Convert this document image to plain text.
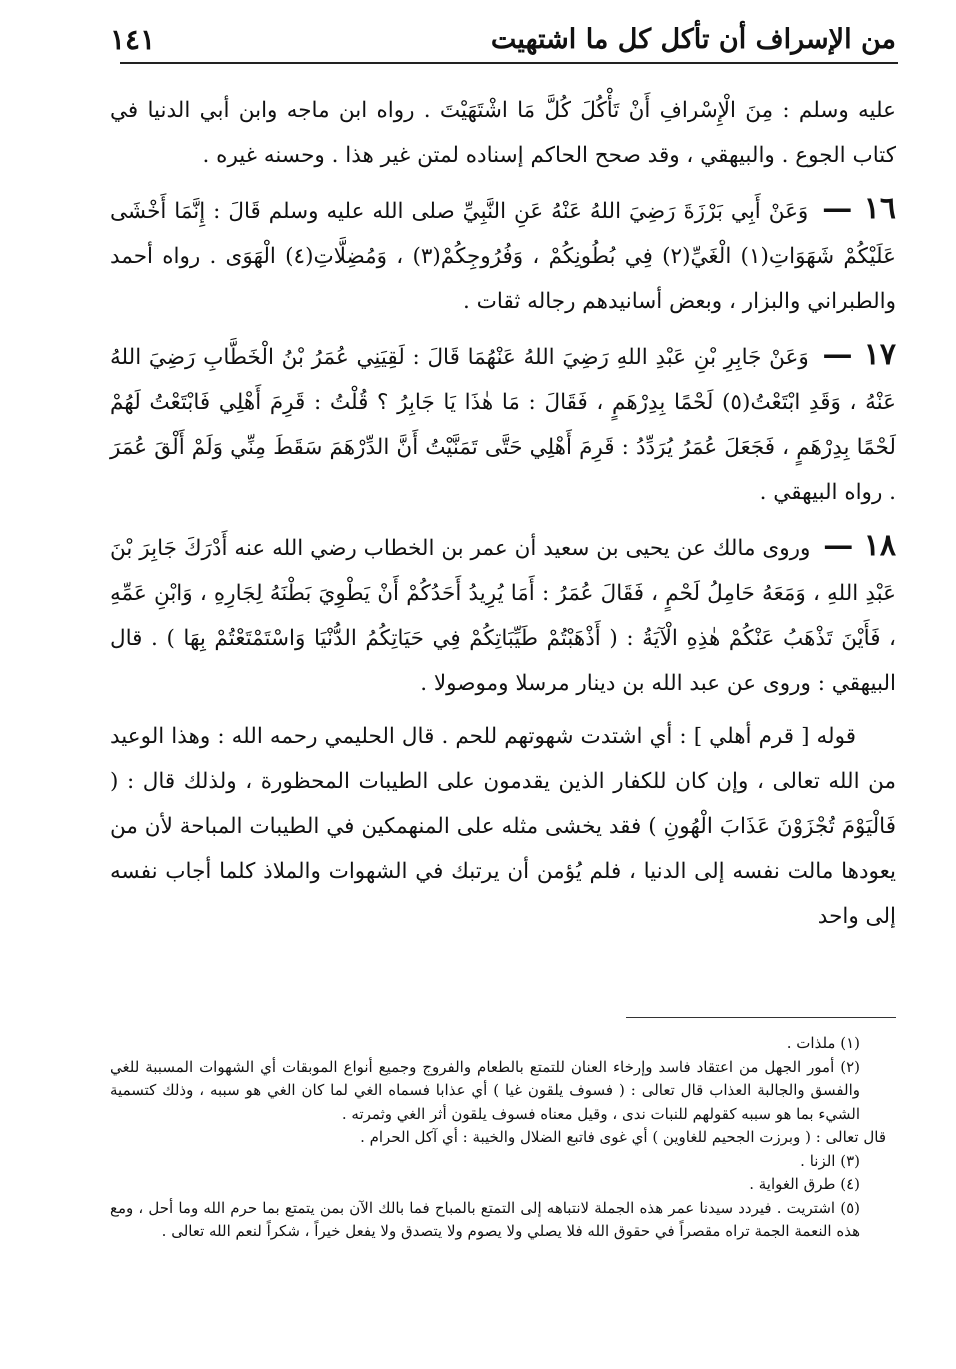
من الإسراف أن تأكل كل ما اشتهيت
١٤١

عليه وسلم : مِنَ الْإِسْرافِ أَنْ تَأْكُلَ كُلَّ مَا اشْتَهَيْتَ . رواه ابن ماجه وابن أبي الدنيا في كتاب الجوع . والبيهقي ، وقد صحح الحاكم إسناده لمتن غير هذا . وحسنه غيره .

١٦ — وَعَنْ أَبِي بَرْزَةَ رَضِيَ اللهُ عَنْهُ عَنِ النَّبِيِّ صلى الله عليه وسلم قَالَ : إِنَّمَا أَخْشَى عَلَيْكُمْ شَهَوَاتِ(١) الْغَيِّ(٢) فِي بُطُونِكُمْ ، وَفُرُوجِكُمْ(٣) ، وَمُضِلَّاتِ(٤) الْهَوَى . رواه أحمد والطبراني والبزار ، وبعض أسانيدهم رجاله ثقات .

١٧ — وَعَنْ جَابِرِ بْنِ عَبْدِ اللهِ رَضِيَ اللهُ عَنْهُمَا قَالَ : لَقِيَنِي عُمَرُ بْنُ الْخَطَّابِ رَضِيَ اللهُ عَنْهُ ، وَقَدِ ابْتَعْتُ(٥) لَحْمًا بِدِرْهَمٍ ، فَقَالَ : مَا هٰذَا يَا جَابِرُ ؟ قُلْتُ : قَرِمَ أَهْلِي فَابْتَعْتُ لَهُمْ لَحْمًا بِدِرْهَمٍ ، فَجَعَلَ عُمَرُ يُرَدِّدُ : قَرِمَ أَهْلِي حَتَّى تَمَنَّيْتُ أَنَّ الدِّرْهَمَ سَقَطَ مِنِّي وَلَمْ أَلْقَ عُمَرَ . رواه البيهقي .

١٨ — وروى مالك عن يحيى بن سعيد أن عمر بن الخطاب رضي الله عنه أَدْرَكَ جَابِرَ بْنَ عَبْدِ اللهِ ، وَمَعَهُ حَامِلُ لَحْمٍ ، فَقَالَ عُمَرُ : أَمَا يُرِيدُ أَحَدُكُمْ أَنْ يَطْوِيَ بَطْنَهُ لِجَارِهِ ، وَابْنِ عَمِّهِ ، فَأَيْنَ تَذْهَبُ عَنْكُمْ هٰذِهِ الْآيَةُ : ( أَذْهَبْتُمْ طَيِّبَاتِكُمْ فِي حَيَاتِكُمُ الدُّنْيَا وَاسْتَمْتَعْتُمْ بِهَا ) . قال البيهقي : وروى عن عبد الله بن دينار مرسلا وموصولا .

قوله [ قرم أهلي ] : أي اشتدت شهوتهم للحم . قال الحليمي رحمه الله : وهذا الوعيد من الله تعالى ، وإن كان للكفار الذين يقدمون على الطيبات المحظورة ، ولذلك قال : ( فَالْيَوْمَ تُجْزَوْنَ عَذَابَ الْهُونِ ) فقد يخشى مثله على المنهمكين في الطيبات المباحة لأن من يعودها مالت نفسه إلى الدنيا ، فلم يُؤمن أن يرتبك في الشهوات والملاذ كلما أجاب نفسه إلى واحد

(١) ملذات .

(٢) أمور الجهل من اعتقاد فاسد وإرخاء العنان للتمتع بالطعام والفروج وجميع أنواع الموبقات أي الشهوات المسببة للغي والفسق والجالبة العذاب قال تعالى : ( فسوف يلقون غيا ) أي عذابا فسماه الغي لما كان الغي هو سببه ، وذلك كتسمية الشيء بما هو سببه كقولهم للنبات ندى ، وقيل معناه فسوف يلقون أثر الغي وثمرته .

قال تعالى : ( وبرزت الجحيم للغاوين ) أي غوى فاتبع الضلال والخيبة : أي آكل الحرام .

(٣) الزنا .

(٤) طرق الغواية .

(٥) اشتريت . فيردد سيدنا عمر هذه الجملة لانتباهه إلى التمتع بالمباح فما بالك الآن بمن يتمتع بما حرم الله وما أحل ، ومع هذه النعمة الجمة تراه مقصراً في حقوق الله فلا يصلي ولا يصوم ولا يتصدق ولا يفعل خيراً ، شكراً لنعم الله تعالى .
